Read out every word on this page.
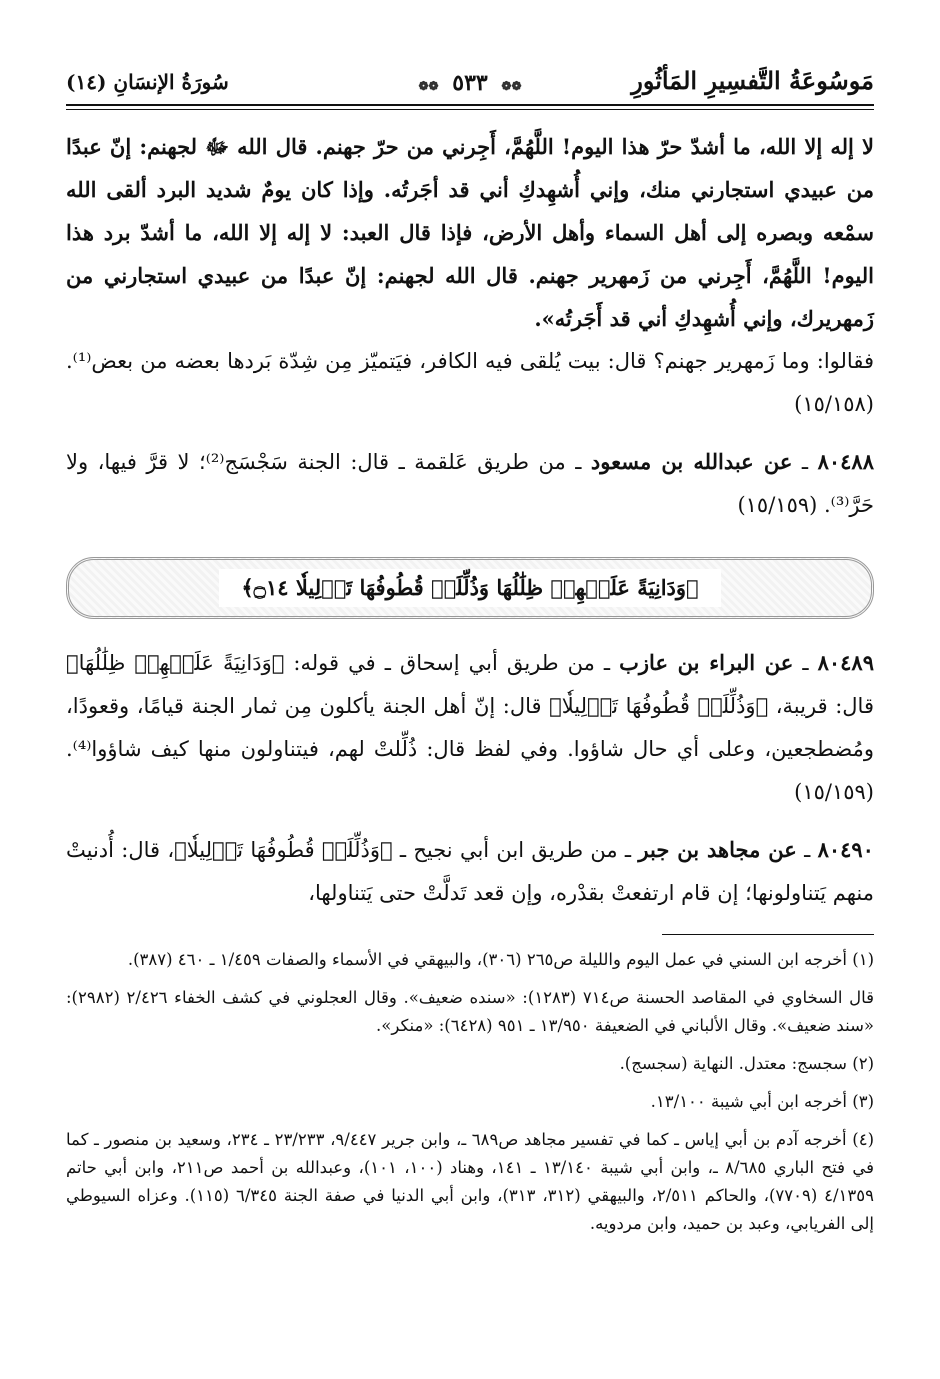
مَوسُوعَةُ التَّفسِيرِ المَأثُورِ
❁❁ ٥٣٣ ❁❁
سُورَةُ الإنسَانِ (١٤)

لا إله إلا الله، ما أشدّ حرّ هذا اليوم! اللَّهُمَّ، أَجِرني من حرّ جهنم. قال الله ﷻ لجهنم: إنّ عبدًا من عبيدي استجارني منك، وإني أُشهِدكِ أني قد أجَرتُه. وإذا كان يومٌ شديد البرد ألقى الله سمْعه وبصره إلى أهل السماء وأهل الأرض، فإذا قال العبد: لا إله إلا الله، ما أشدّ برد هذا اليوم! اللَّهُمَّ، أَجِرني من زَمهرير جهنم. قال الله لجهنم: إنّ عبدًا من عبيدي استجارني من زَمهريرك، وإني أُشهِدكِ أني قد أَجَرتُه».

فقالوا: وما زَمهرير جهنم؟ قال: بيت يُلقى فيه الكافر، فيَتميّز مِن شِدّة بَردها بعضه من بعض⁽¹⁾. (١٥/١٥٨)

٨٠٤٨٨ ـ عن عبدالله بن مسعود ـ من طريق عَلقمة ـ قال: الجنة سَجْسَج⁽²⁾؛ لا قرَّ فيها، ولا حَرَّ⁽³⁾. (١٥/١٥٩)

﴿وَدَانِيَةً عَلَيۡهِمۡ ظِلَٰلُهَا وَذُلِّلَتۡ قُطُوفُهَا تَذۡلِيلٗا ۝١٤﴾

٨٠٤٨٩ ـ عن البراء بن عازب ـ من طريق أبي إسحاق ـ في قوله: ﴿وَدَانِيَةً عَلَيۡهِمۡ ظِلَٰلُهَا﴾ قال: قريبة، ﴿وَذُلِّلَتۡ قُطُوفُهَا تَذۡلِيلٗا﴾ قال: إنّ أهل الجنة يأكلون مِن ثمار الجنة قيامًا، وقعودًا، ومُضطجعين، وعلى أي حال شاؤوا. وفي لفظ قال: ذُلِّلتْ لهم، فيتناولون منها كيف شاؤوا⁽⁴⁾. (١٥/١٥٩)

٨٠٤٩٠ ـ عن مجاهد بن جبر ـ من طريق ابن أبي نجيح ـ ﴿وَذُلِّلَتۡ قُطُوفُهَا تَذۡلِيلٗا﴾، قال: أُدنيتْ منهم يَتناولونها؛ إن قام ارتفعتْ بقدْره، وإن قعد تَدلَّتْ حتى يَتناولها،

(١) أخرجه ابن السني في عمل اليوم والليلة ص٢٦٥ (٣٠٦)، والبيهقي في الأسماء والصفات ١/٤٥٩ ـ ٤٦٠ (٣٨٧).

قال السخاوي في المقاصد الحسنة ص٧١٤ (١٢٨٣): «سنده ضعيف». وقال العجلوني في كشف الخفاء ٢/٤٢٦ (٢٩٨٢): «سند ضعيف». وقال الألباني في الضعيفة ١٣/٩٥٠ ـ ٩٥١ (٦٤٢٨): «منكر».

(٢) سجسج: معتدل. النهاية (سجسج).

(٣) أخرجه ابن أبي شيبة ١٣/١٠٠.

(٤) أخرجه آدم بن أبي إياس ـ كما في تفسير مجاهد ص٦٨٩ ـ، وابن جرير ٩/٤٤٧، ٢٣/٢٣٣ ـ ٢٣٤، وسعيد بن منصور ـ كما في فتح الباري ٨/٦٨٥ ـ، وابن أبي شيبة ١٣/١٤٠ ـ ١٤١، وهناد (١٠٠، ١٠١)، وعبدالله بن أحمد ص٢١١، وابن أبي حاتم ٤/١٣٥٩ (٧٧٠٩)، والحاكم ٢/٥١١، والبيهقي (٣١٢، ٣١٣)، وابن أبي الدنيا في صفة الجنة ٦/٣٤٥ (١١٥). وعزاه السيوطي إلى الفريابي، وعبد بن حميد، وابن مردويه.
